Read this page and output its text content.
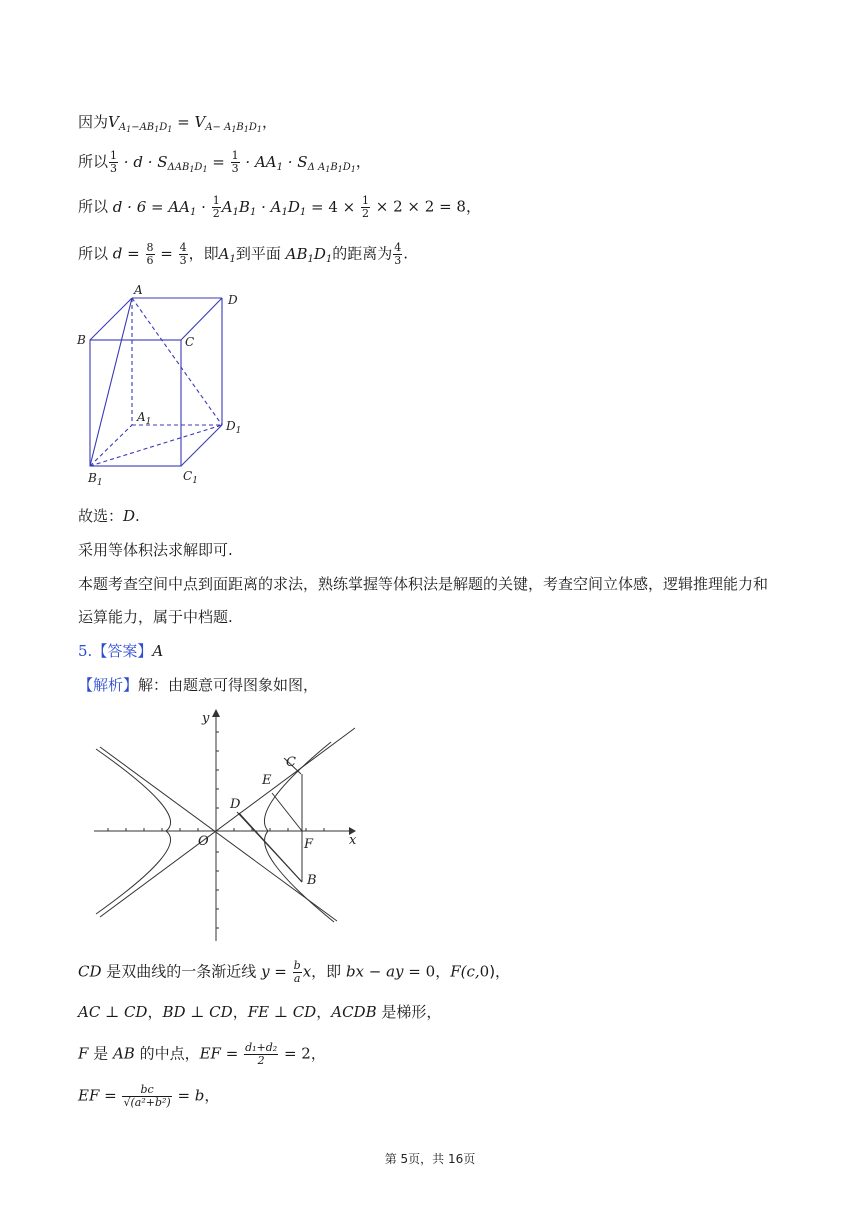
因为$V_{A_1-AB_1D_1} = V_{A- A_1B_1D_1}$，
所以 $\frac{1}{3} \cdot d \cdot S_{\Delta AB_1D_1} = \frac{1}{3} \cdot AA_1 \cdot S_{\Delta A_1B_1D_1}$，
所以 $d \cdot 6 = AA_1 \cdot \frac{1}{2} A_1B_1 \cdot A_1D_1 = 4 \times \frac{1}{2} \times 2 \times 2 = 8$，
所以 $d = \frac{8}{6} = \frac{4}{3}$ ，即$A_1$到平面 $AB_1D_1$的距离为 $\frac{4}{3}$ .
A
D
B	C
$A_1$	$D_1$
$B_1$	$C_1$
故选：D.
采用等体积法求解即可.
本题考查空间中点到面距离的求法，熟练掌握等体积法是解题的关键，考查空间立体感，逻辑推理能力和
运算能力，属于中档题.
5.【答案】A
【解析】解：由题意可得图象如图，
y
x
O
C
E
D
F
B
CD 是双曲线的一条渐近线 $y = \frac{b}{a}$ x，即 bx − ay = 0，F(c,0)，
AC ⊥ CD，BD ⊥ CD，FE ⊥ CD，ACDB 是梯形，
F 是 AB 的中点，EF = $\frac{\text{d₁+d₂}}{2} = 2$，
EF = $\frac{bc}{\text{√(a²+b²)}} = b$，
第 5页，共 16页
